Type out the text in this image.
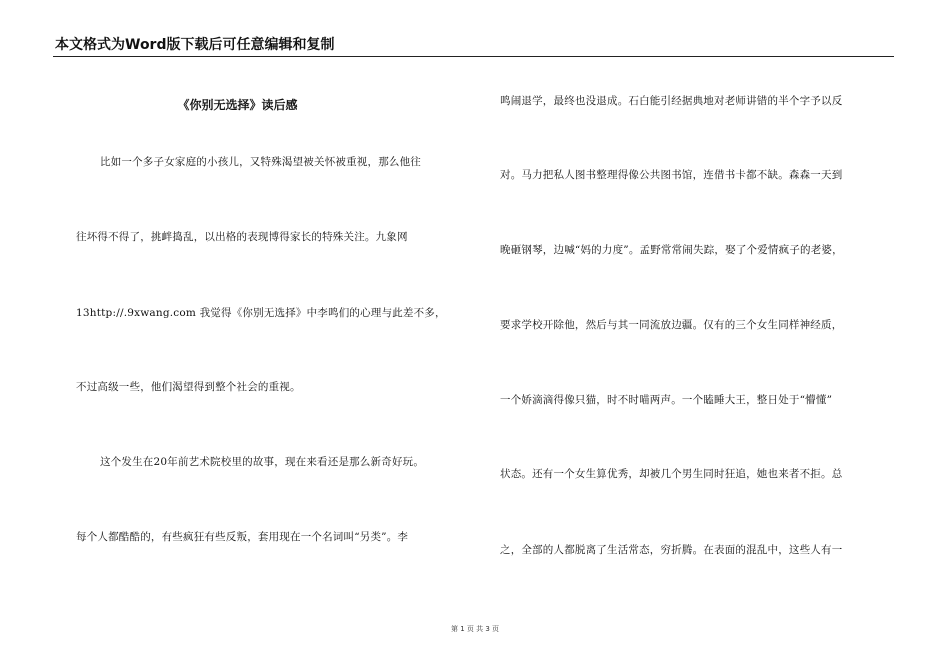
本文格式为Word版下载后可任意编辑和复制
《你别无选择》读后感
比如一个多子女家庭的小孩儿，又特殊渴望被关怀被重视，那么他往
往坏得不得了，挑衅捣乱，以出格的表现博得家长的特殊关注。九象网
13http://.9xwang.com 我觉得《你别无选择》中李鸣们的心理与此差不多，
不过高级一些，他们渴望得到整个社会的重视。
这个发生在20年前艺术院校里的故事，现在来看还是那么新奇好玩。
每个人都酷酷的，有些疯狂有些反叛，套用现在一个名词叫“另类”。李
鸣闹退学，最终也没退成。石白能引经据典地对老师讲错的半个字予以反
对。马力把私人图书整理得像公共图书馆，连借书卡都不缺。森森一天到
晚砸钢琴，边喊“妈的力度”。孟野常常闹失踪，娶了个爱情疯子的老婆，
要求学校开除他，然后与其一同流放边疆。仅有的三个女生同样神经质，
一个娇滴滴得像只猫，时不时喵两声。一个瞌睡大王，整日处于“懵懂”
状态。还有一个女生算优秀，却被几个男生同时狂追，她也来者不拒。总
之，全部的人都脱离了生活常态，穷折腾。在表面的混乱中，这些人有一
第 1 页 共 3 页
